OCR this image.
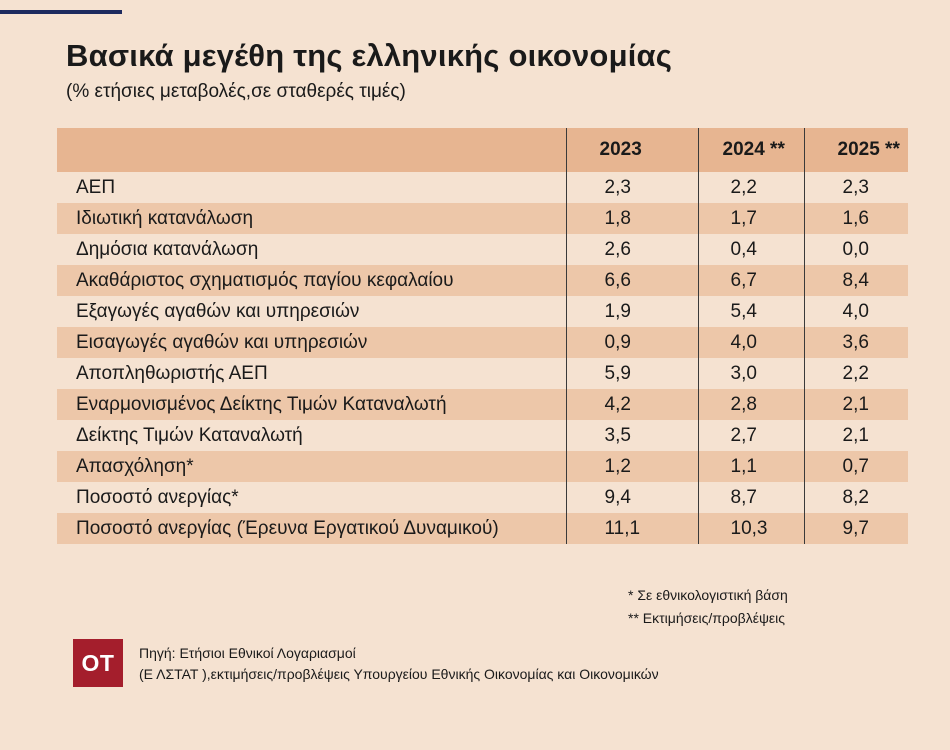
Βασικά μεγέθη της ελληνικής οικονομίας
(% ετήσιες μεταβολές,σε σταθερές τιμές)
	2023	2024 **	2025 **
ΑΕΠ	2,3	2,2	2,3
Ιδιωτική κατανάλωση	1,8	1,7	1,6
Δημόσια κατανάλωση	2,6	0,4	0,0
Ακαθάριστος σχηματισμός παγίου κεφαλαίου	6,6	6,7	8,4
Εξαγωγές αγαθών και υπηρεσιών	1,9	5,4	4,0
Εισαγωγές αγαθών και υπηρεσιών	0,9	4,0	3,6
Αποπληθωριστής ΑΕΠ	5,9	3,0	2,2
Εναρμονισμένος Δείκτης Τιμών Καταναλωτή	4,2	2,8	2,1
Δείκτης Τιμών Καταναλωτή	3,5	2,7	2,1
Απασχόληση*	1,2	1,1	0,7
Ποσοστό ανεργίας*	9,4	8,7	8,2
Ποσοστό ανεργίας (Έρευνα Εργατικού Δυναμικού)	11,1	10,3	9,7
* Σε εθνικολογιστική βάση
** Εκτιμήσεις/προβλέψεις
ΟΤ	Πηγή: Ετήσιοι Εθνικοί Λογαριασμοί
(Ε ΛΣΤΑΤ ),εκτιμήσεις/προβλέψεις Υπουργείου Εθνικής Οικονομίας και Οικονομικών
